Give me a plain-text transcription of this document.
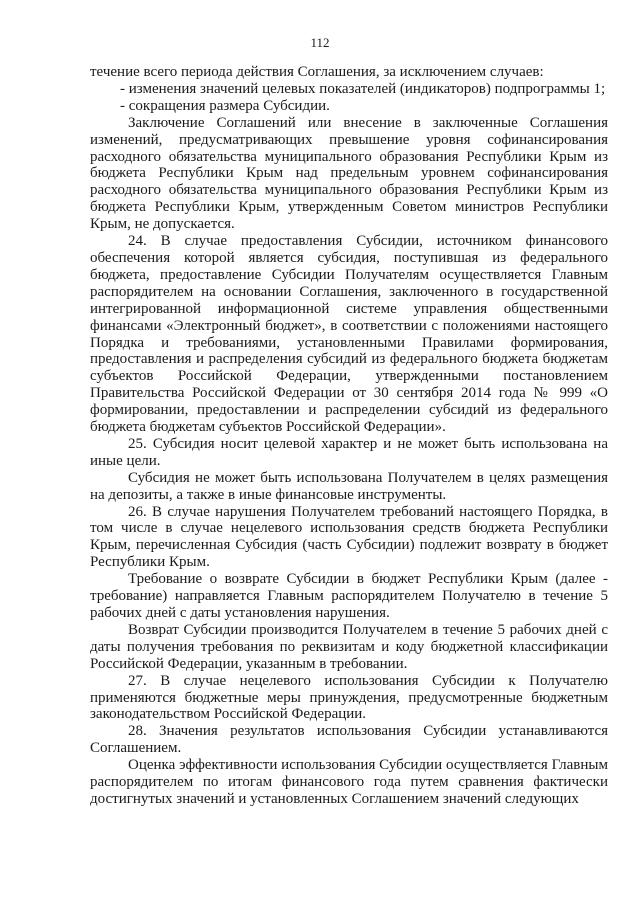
112

течение всего периода действия Соглашения, за исключением случаев:

- изменения значений целевых показателей (индикаторов) подпрограммы 1;

- сокращения размера Субсидии.

Заключение Соглашений или внесение в заключенные Соглашения изменений, предусматривающих превышение уровня софинансирования расходного обязательства муниципального образования Республики Крым из бюджета Республики Крым над предельным уровнем софинансирования расходного обязательства муниципального образования Республики Крым из бюджета Республики Крым, утвержденным Советом министров Республики Крым, не допускается.

24. В случае предоставления Субсидии, источником финансового обеспечения которой является субсидия, поступившая из федерального бюджета, предоставление Субсидии Получателям осуществляется Главным распорядителем на основании Соглашения, заключенного в государственной интегрированной информационной системе управления общественными финансами «Электронный бюджет», в соответствии с положениями настоящего Порядка и требованиями, установленными Правилами формирования, предоставления и распределения субсидий из федерального бюджета бюджетам субъектов Российской Федерации, утвержденными постановлением Правительства Российской Федерации от 30 сентября 2014 года № 999 «О формировании, предоставлении и распределении субсидий из федерального бюджета бюджетам субъектов Российской Федерации».

25. Субсидия носит целевой характер и не может быть использована на иные цели.

Субсидия не может быть использована Получателем в целях размещения на депозиты, а также в иные финансовые инструменты.

26. В случае нарушения Получателем требований настоящего Порядка, в том числе в случае нецелевого использования средств бюджета Республики Крым, перечисленная Субсидия (часть Субсидии) подлежит возврату в бюджет Республики Крым.

Требование о возврате Субсидии в бюджет Республики Крым (далее - требование) направляется Главным распорядителем Получателю в течение 5 рабочих дней с даты установления нарушения.

Возврат Субсидии производится Получателем в течение 5 рабочих дней с даты получения требования по реквизитам и коду бюджетной классификации Российской Федерации, указанным в требовании.

27. В случае нецелевого использования Субсидии к Получателю применяются бюджетные меры принуждения, предусмотренные бюджетным законодательством Российской Федерации.

28. Значения результатов использования Субсидии устанавливаются Соглашением.

Оценка эффективности использования Субсидии осуществляется Главным распорядителем по итогам финансового года путем сравнения фактически достигнутых значений и установленных Соглашением значений следующих
